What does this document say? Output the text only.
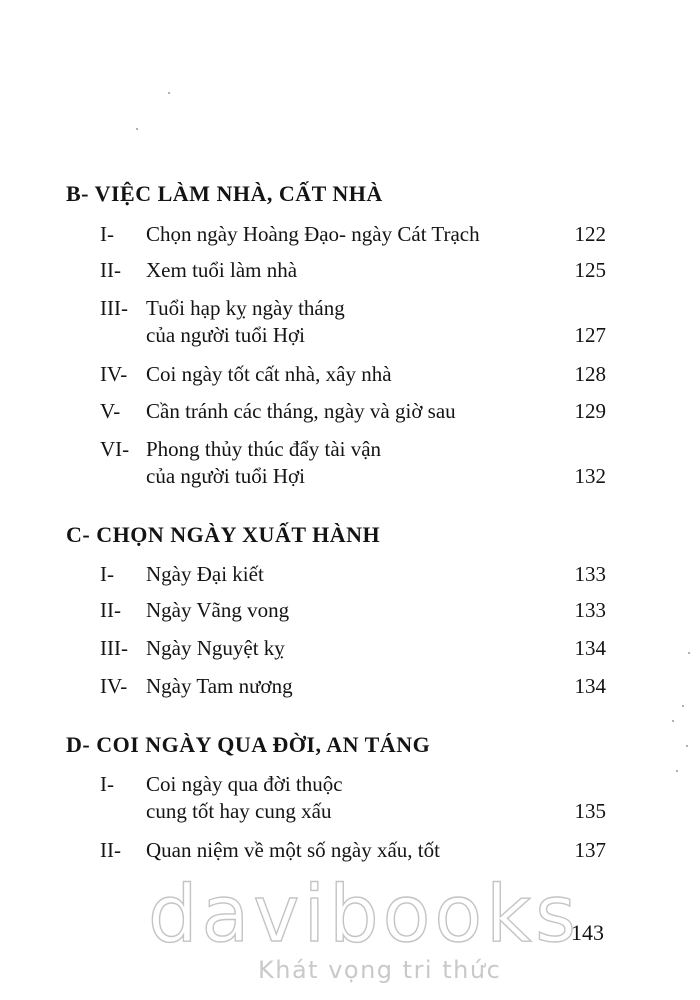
B- VIỆC LÀM NHÀ, CẤT NHÀ
I- Chọn ngày Hoàng Đạo- ngày Cát Trạch	122
II- Xem tuổi làm nhà	125
III- Tuổi hạp kỵ ngày tháng
của người tuổi Hợi	127
IV- Coi ngày tốt cất nhà, xây nhà	128
V- Cần tránh các tháng, ngày và giờ sau	129
VI- Phong thủy thúc đẩy tài vận
của người tuổi Hợi	132
C- CHỌN NGÀY XUẤT HÀNH
I- Ngày Đại kiết	133
II- Ngày Vãng vong	133
III- Ngày Nguyệt kỵ	134
IV- Ngày Tam nương	134
D- COI NGÀY QUA ĐỜI, AN TÁNG
I- Coi ngày qua đời thuộc
cung tốt hay cung xấu	135
II- Quan niệm về một số ngày xấu, tốt	137
davibooks
Khát vọng tri thức
143
